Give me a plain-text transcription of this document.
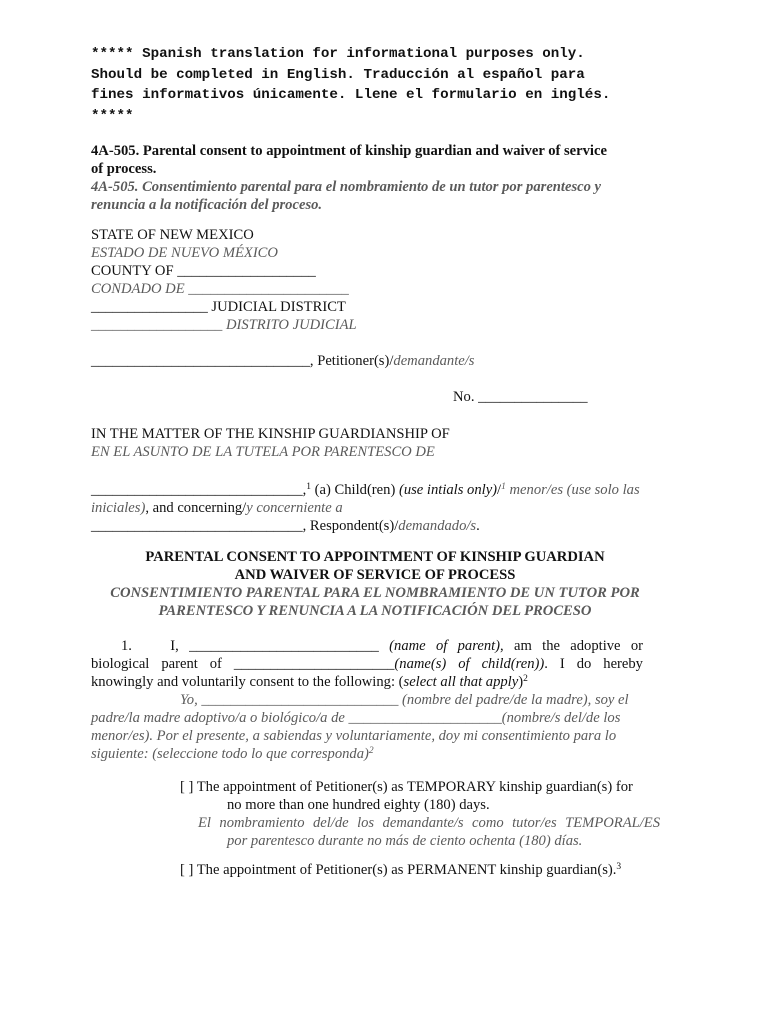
***** Spanish translation for informational purposes only.
Should be completed in English. Traducción al español para
fines informativos únicamente. Llene el formulario en inglés.
*****
4A-505. Parental consent to appointment of kinship guardian and waiver of service
of process.
4A-505. Consentimiento parental para el nombramiento de un tutor por parentesco y
renuncia a la notificación del proceso.
STATE OF NEW MEXICO
ESTADO DE NUEVO MÉXICO
COUNTY OF ___________________
CONDADO DE ______________________
________________ JUDICIAL DISTRICT
__________________ DISTRITO JUDICIAL
______________________________, Petitioner(s)/demandante/s
No. _______________
IN THE MATTER OF THE KINSHIP GUARDIANSHIP OF
EN EL ASUNTO DE LA TUTELA POR PARENTESCO DE
_____________________________,$^1$ (a) Child(ren) (use intials only)/$^1$ menor/es (use solo las
iniciales), and concerning/y concerniente a
_____________________________, Respondent(s)/demandado/s.
PARENTAL CONSENT TO APPOINTMENT OF KINSHIP GUARDIAN
AND WAIVER OF SERVICE OF PROCESS
CONSENTIMIENTO PARENTAL PARA EL NOMBRAMIENTO DE UN TUTOR POR
PARENTESCO Y RENUNCIA A LA NOTIFICACIÓN DEL PROCESO
1.	I, __________________________ (name of parent), am the adoptive or
biological parent of ______________________(name(s) of child(ren)). I do hereby
knowingly and voluntarily consent to the following: (select all that apply)$^2$
Yo, ___________________________ (nombre del padre/de la madre), soy el
padre/la madre adoptivo/a o biológico/a de _____________________(nombre/s del/de los
menor/es). Por el presente, a sabiendas y voluntariamente, doy mi consentimiento para lo
siguiente: (seleccione todo lo que corresponda)$^2$
[ ] The appointment of Petitioner(s) as TEMPORARY kinship guardian(s) for
no more than one hundred eighty (180) days.
El nombramiento del/de los demandante/s como tutor/es TEMPORAL/ES
por parentesco durante no más de ciento ochenta (180) días.
[ ] The appointment of Petitioner(s) as PERMANENT kinship guardian(s).$^3$
